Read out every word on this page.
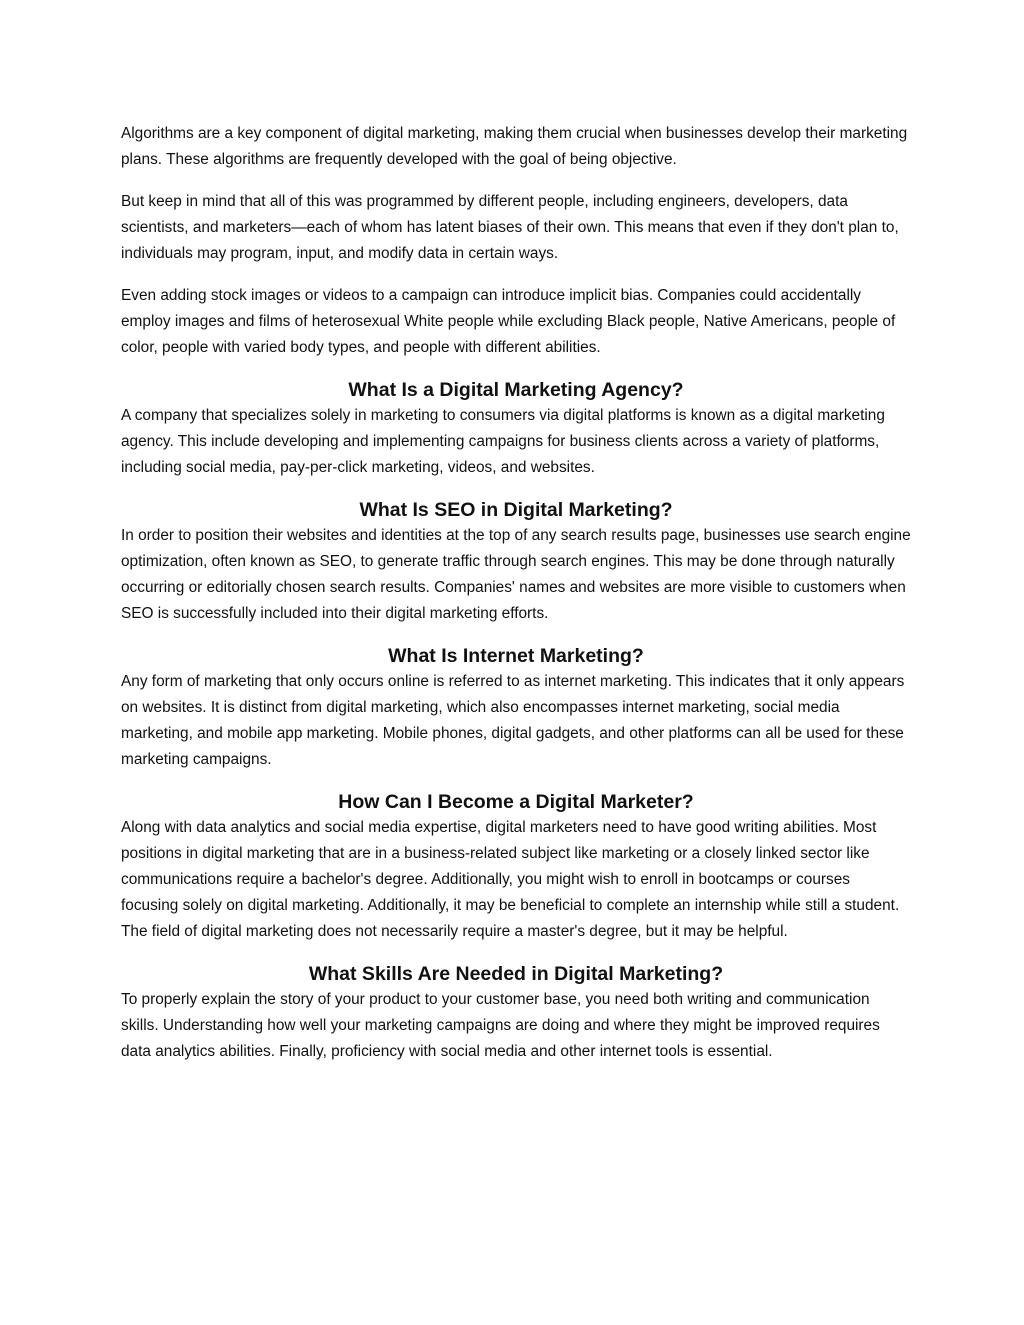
Algorithms are a key component of digital marketing, making them crucial when businesses develop their marketing plans. These algorithms are frequently developed with the goal of being objective.

But keep in mind that all of this was programmed by different people, including engineers, developers, data scientists, and marketers—each of whom has latent biases of their own. This means that even if they don't plan to, individuals may program, input, and modify data in certain ways.

Even adding stock images or videos to a campaign can introduce implicit bias. Companies could accidentally employ images and films of heterosexual White people while excluding Black people, Native Americans, people of color, people with varied body types, and people with different abilities.

What Is a Digital Marketing Agency?

A company that specializes solely in marketing to consumers via digital platforms is known as a digital marketing agency. This include developing and implementing campaigns for business clients across a variety of platforms, including social media, pay-per-click marketing, videos, and websites.

What Is SEO in Digital Marketing?

In order to position their websites and identities at the top of any search results page, businesses use search engine optimization, often known as SEO, to generate traffic through search engines. This may be done through naturally occurring or editorially chosen search results. Companies' names and websites are more visible to customers when SEO is successfully included into their digital marketing efforts.

What Is Internet Marketing?

Any form of marketing that only occurs online is referred to as internet marketing. This indicates that it only appears on websites. It is distinct from digital marketing, which also encompasses internet marketing, social media marketing, and mobile app marketing. Mobile phones, digital gadgets, and other platforms can all be used for these marketing campaigns.

How Can I Become a Digital Marketer?

Along with data analytics and social media expertise, digital marketers need to have good writing abilities. Most positions in digital marketing that are in a business-related subject like marketing or a closely linked sector like communications require a bachelor's degree. Additionally, you might wish to enroll in bootcamps or courses focusing solely on digital marketing. Additionally, it may be beneficial to complete an internship while still a student. The field of digital marketing does not necessarily require a master's degree, but it may be helpful.

What Skills Are Needed in Digital Marketing?

To properly explain the story of your product to your customer base, you need both writing and communication skills. Understanding how well your marketing campaigns are doing and where they might be improved requires data analytics abilities. Finally, proficiency with social media and other internet tools is essential.
